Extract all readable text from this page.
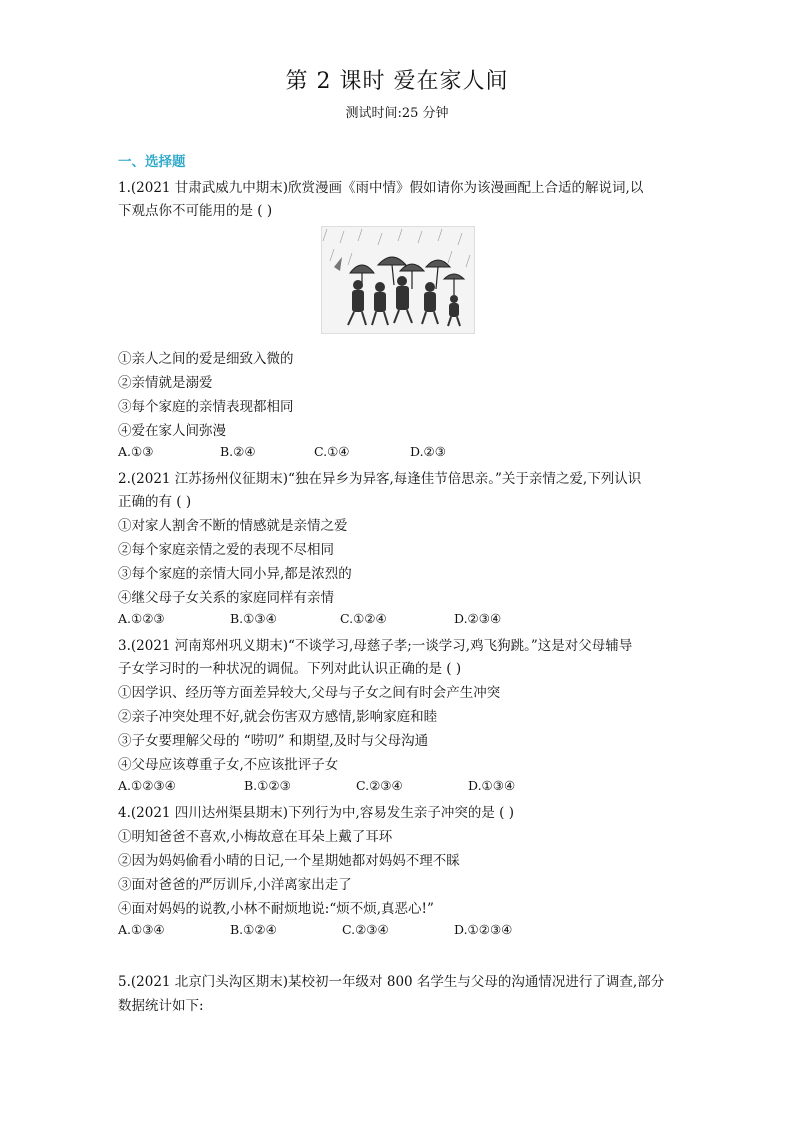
第 2 课时 爱在家人间
测试时间:25 分钟
一、选择题
1.(2021 甘肃武威九中期末)欣赏漫画《雨中情》假如请你为该漫画配上合适的解说词,以
下观点你不可能用的是 ( )
①亲人之间的爱是细致入微的
②亲情就是溺爱
③每个家庭的亲情表现都相同
④爱在家人间弥漫
A.①③	B.②④	C.①④	D.②③
2.(2021 江苏扬州仪征期末)“独在异乡为异客,每逢佳节倍思亲。”关于亲情之爱,下列认识
正确的有 ( )
①对家人割舍不断的情感就是亲情之爱
②每个家庭亲情之爱的表现不尽相同
③每个家庭的亲情大同小异,都是浓烈的
④继父母子女关系的家庭同样有亲情
A.①②③	B.①③④	C.①②④	D.②③④
3.(2021 河南郑州巩义期末)“不谈学习,母慈子孝;一谈学习,鸡飞狗跳。”这是对父母辅导
子女学习时的一种状况的调侃。下列对此认识正确的是 ( )
①因学识、经历等方面差异较大,父母与子女之间有时会产生冲突
②亲子冲突处理不好,就会伤害双方感情,影响家庭和睦
③子女要理解父母的 “唠叨” 和期望,及时与父母沟通
④父母应该尊重子女,不应该批评子女
A.①②③④	B.①②③	C.②③④	D.①③④
4.(2021 四川达州渠县期末)下列行为中,容易发生亲子冲突的是 ( )
①明知爸爸不喜欢,小梅故意在耳朵上戴了耳环
②因为妈妈偷看小晴的日记,一个星期她都对妈妈不理不睬
③面对爸爸的严厉训斥,小洋离家出走了
④面对妈妈的说教,小林不耐烦地说:“烦不烦,真恶心!”
A.①③④	B.①②④	C.②③④	D.①②③④
5.(2021 北京门头沟区期末)某校初一年级对 800 名学生与父母的沟通情况进行了调查,部分
数据统计如下:
